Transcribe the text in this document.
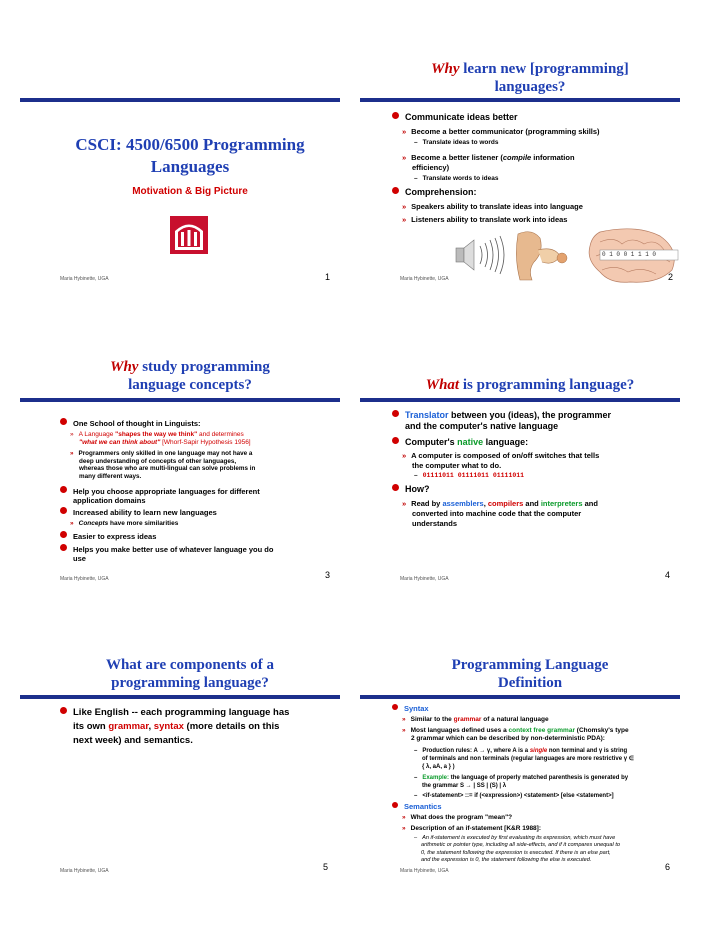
CSCI: 4500/6500 Programming
Languages
Motivation & Big Picture
Maria Hybinette, UGA	1
Why learn new [programming]
languages?
Communicate ideas better
» Become a better communicator (programming skills)
– Translate ideas to words
» Become a better listener (compile information
efficiency)
– Translate words to ideas
Comprehension:
» Speakers ability to translate ideas into language
» Listeners ability to translate work into ideas
0 1 0 0 1 1 1 0
Maria Hybinette, UGA	2
Why study programming
language concepts?
One School of thought in Linguists:
» A Language "shapes the way we think" and determines
"what we can think about" [Whorf-Sapir Hypothesis 1956]
» Programmers only skilled in one language may not have a
deep understanding of concepts of other languages,
whereas those who are multi-lingual can solve problems in
many different ways.
Help you choose appropriate languages for different
application domains
Increased ability to learn new languages
» Concepts have more similarities
Easier to express ideas
Helps you make better use of whatever language you do
use
Maria Hybinette, UGA	3
What is programming language?
Translator between you (ideas), the programmer
and the computer's native language
Computer's native language:
» A computer is composed of on/off switches that tells
the computer what to do.
– 01111011 01111011 01111011
How?
» Read by assemblers, compilers and interpreters and
converted into machine code that the computer
understands
Maria Hybinette, UGA	4
What are components of a
programming language?
Like English -- each programming language has
its own grammar, syntax (more details on this
next week) and semantics.
Maria Hybinette, UGA	5
Programming Language
Definition
Syntax
» Similar to the grammar of a natural language
» Most languages defined uses a context free grammar (Chomsky's type
2 grammar which can be described by non-deterministic PDA):
– Production rules: A → γ, where A is a single non terminal and γ is string
of terminals and non terminals (regular languages are more restrictive γ ∈
{ λ, aA, a } )
– Example: the language of properly matched parenthesis is generated by
the grammar S → | SS | (S) | λ
– <if-statement> ::= if (<expression>) <statement> [else <statement>]
Semantics
» What does the program "mean"?
» Description of an if-statement [K&R 1988]:
– An if-statement is executed by first evaluating its expression, which must have
arithmetic or pointer type, including all side-effects, and if it compares unequal to
0, the statement following the expression is executed. If there is an else part,
and the expression is 0, the statement following the else is executed.
Maria Hybinette, UGA	6
